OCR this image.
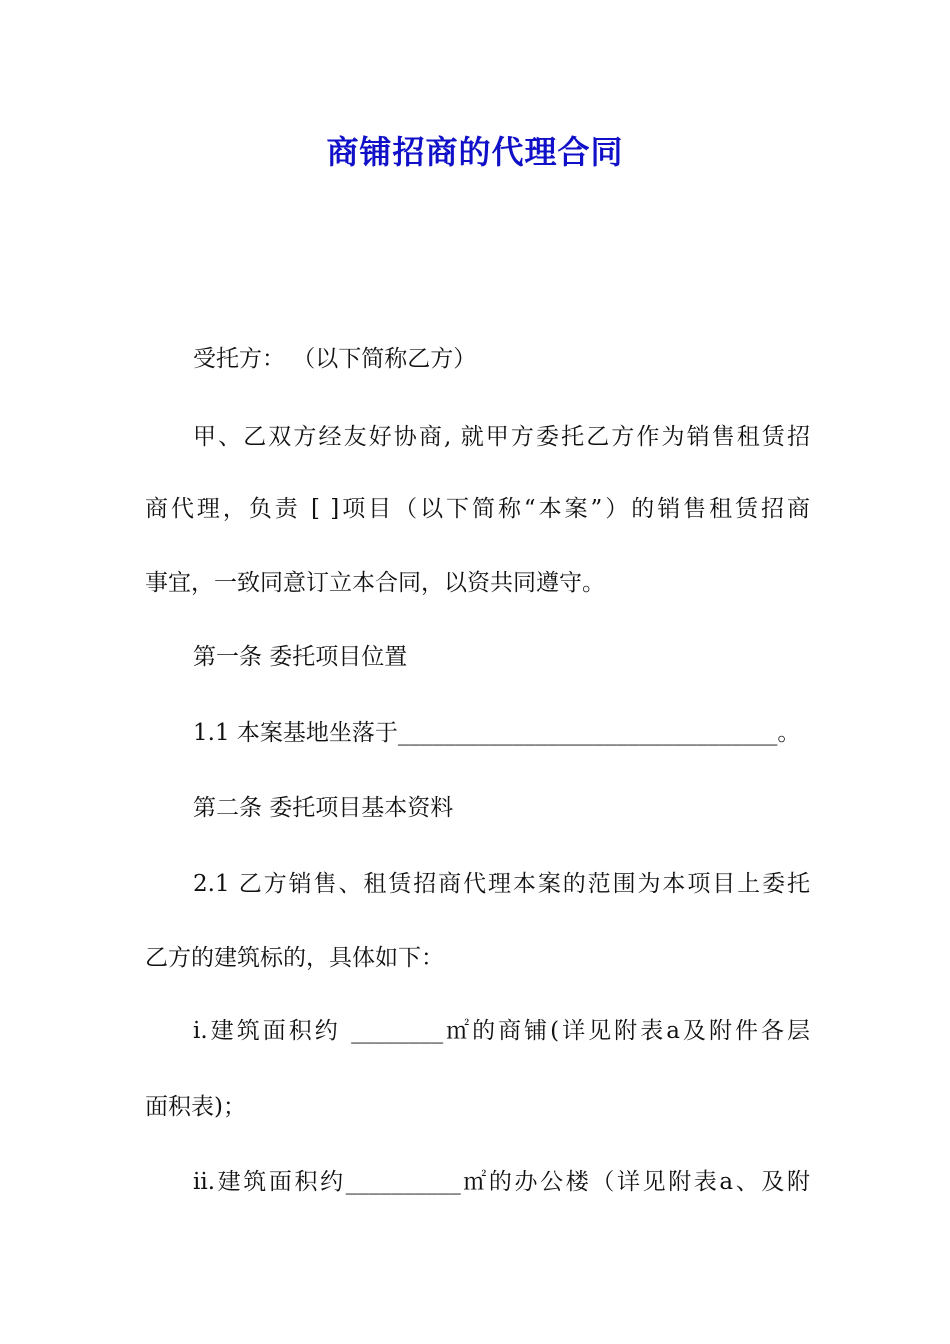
商铺招商的代理合同
受托方： （以下简称乙方）
甲、乙双方经友好协商, 就甲方委托乙方作为销售租赁招
商代理，负责 [ ]项目（以下简称“本案”）的销售租赁招商
事宜，一致同意订立本合同，以资共同遵守。
第一条 委托项目位置
1.1 本案基地坐落于_________________________________。
第二条 委托项目基本资料
2.1 乙方销售、租赁招商代理本案的范围为本项目上委托
乙方的建筑标的，具体如下：
i.建筑面积约 ________㎡的商铺(详见附表a及附件各层
面积表)；
ii.建筑面积约__________㎡的办公楼（详见附表a、及附
